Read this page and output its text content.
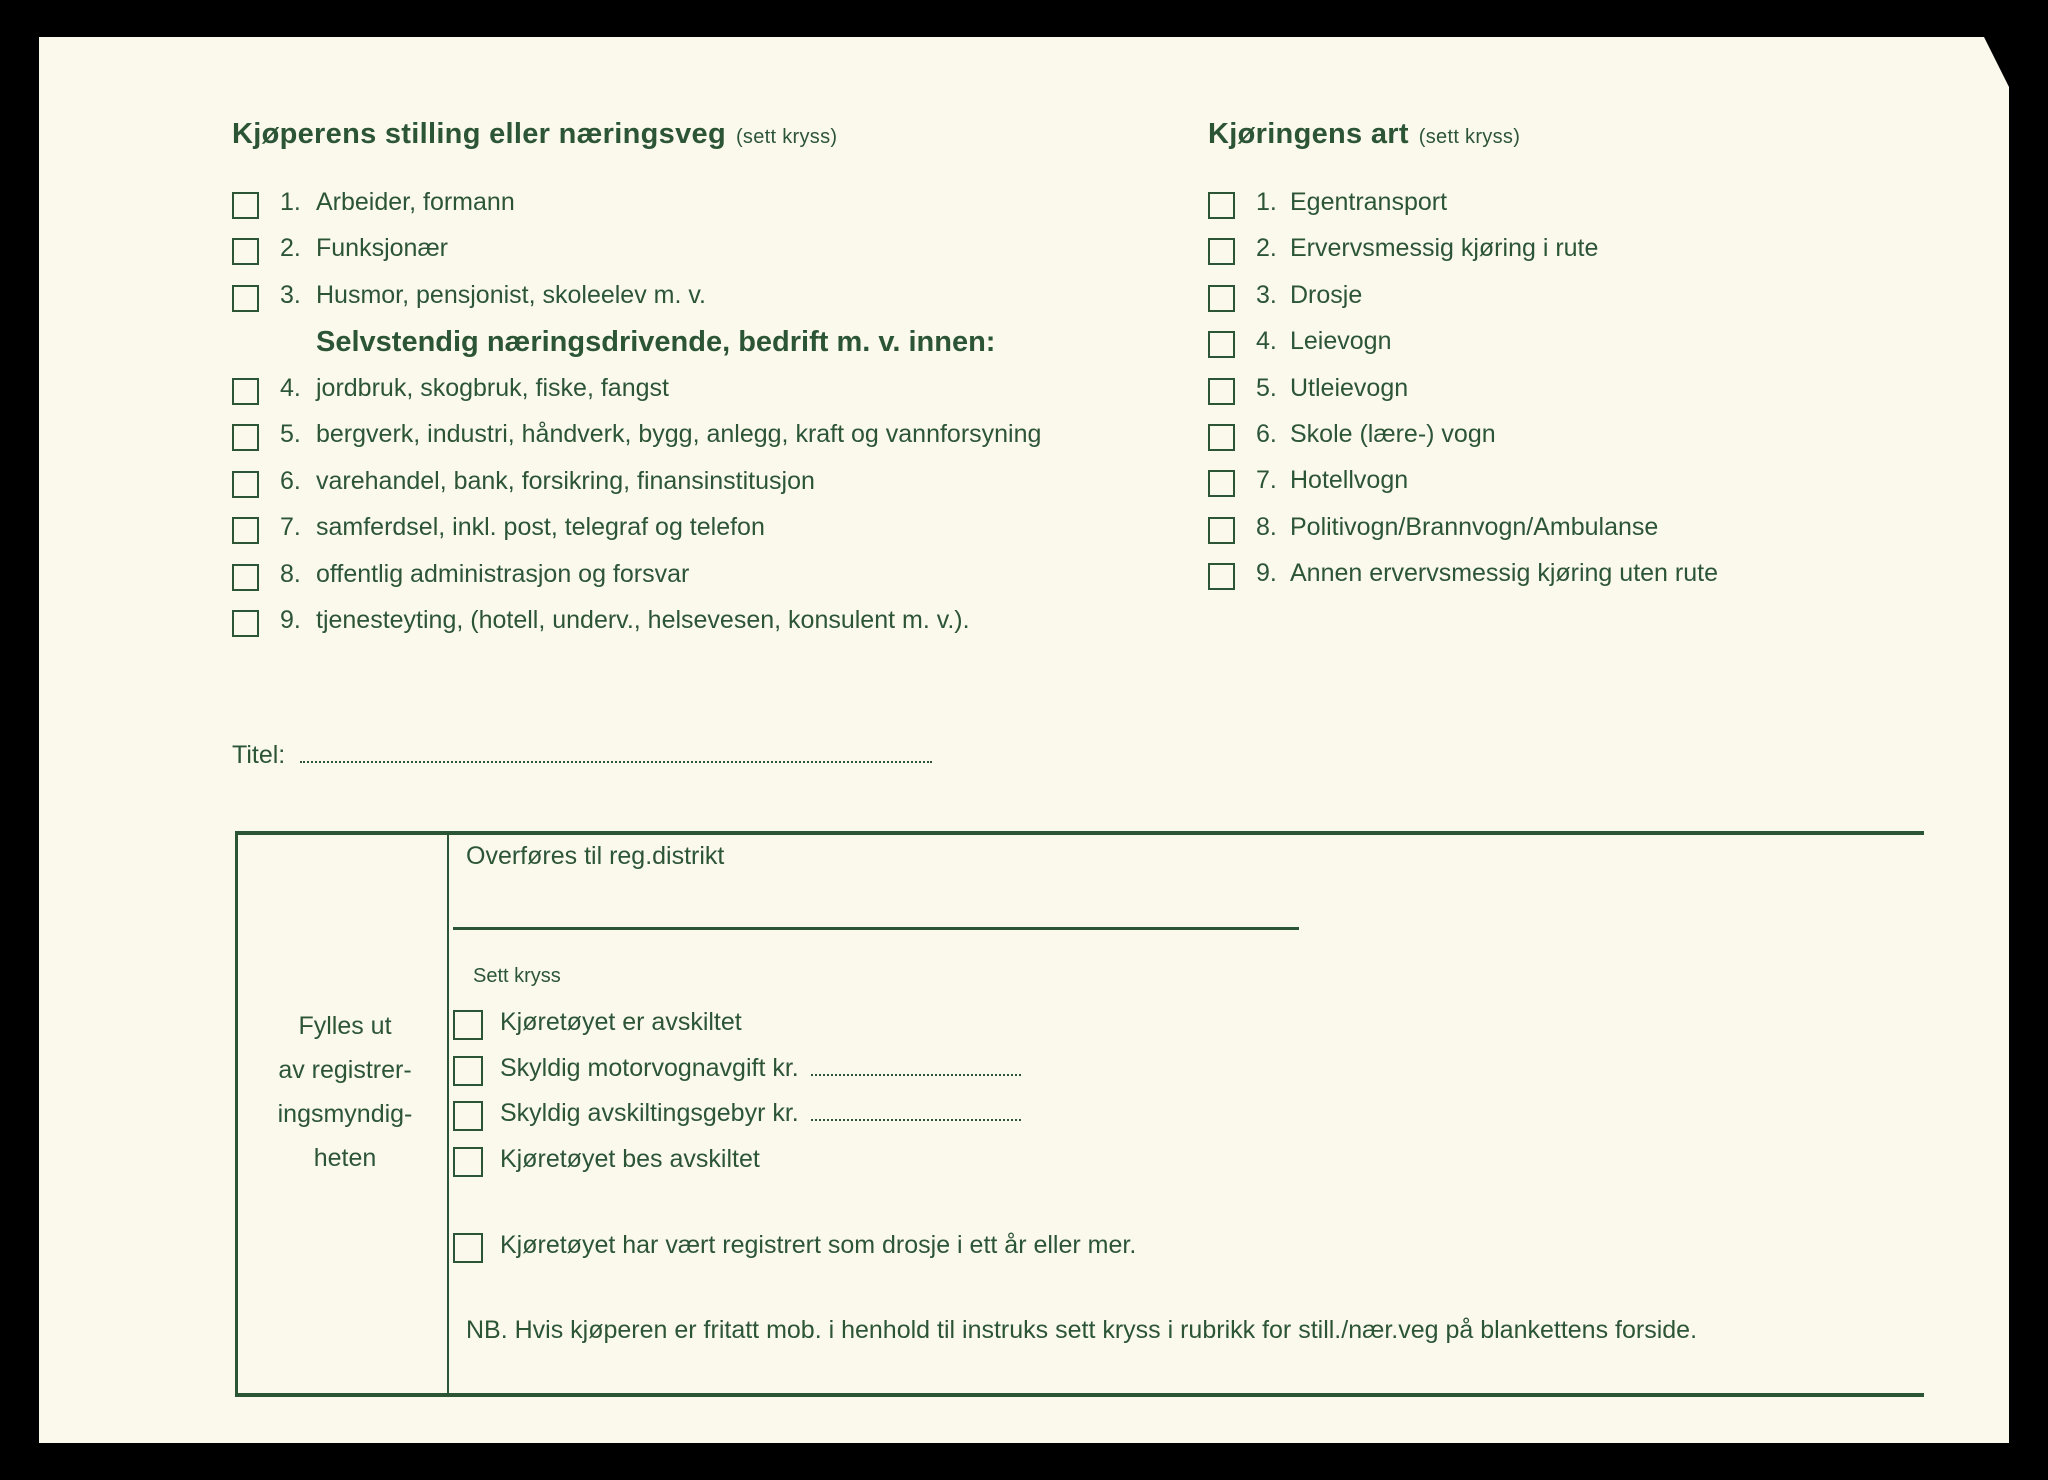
Kjøperens stilling eller næringsveg (sett kryss)
1. Arbeider, formann
2. Funksjonær
3. Husmor, pensjonist, skoleelev m. v.
4. jordbruk, skogbruk, fiske, fangst
5. bergverk, industri, håndverk, bygg, anlegg, kraft og vannforsyning
6. varehandel, bank, forsikring, finansinstitusjon
7. samferdsel, inkl. post, telegraf og telefon
8. offentlig administrasjon og forsvar
9. tjenesteyting, (hotell, underv., helsevesen, konsulent m. v.).
Selvstendig næringsdrivende, bedrift m. v. innen:
Kjøringens art (sett kryss)
1. Egentransport
2. Ervervsmessig kjøring i rute
3. Drosje
4. Leievogn
5. Utleievogn
6. Skole (lære-) vogn
7. Hotellvogn
8. Politivogn/Brannvogn/Ambulanse
9. Annen ervervsmessig kjøring uten rute
Titel:
Fylles ut
av registrer-
ingsmyndig-
heten
Overføres til reg.distrikt
Sett kryss
Kjøretøyet er avskiltet
Skyldig motorvognavgift kr.
Skyldig avskiltingsgebyr kr.
Kjøretøyet bes avskiltet
Kjøretøyet har vært registrert som drosje i ett år eller mer.
NB. Hvis kjøperen er fritatt mob. i henhold til instruks sett kryss i rubrikk for still./nær.veg på blankettens forside.
